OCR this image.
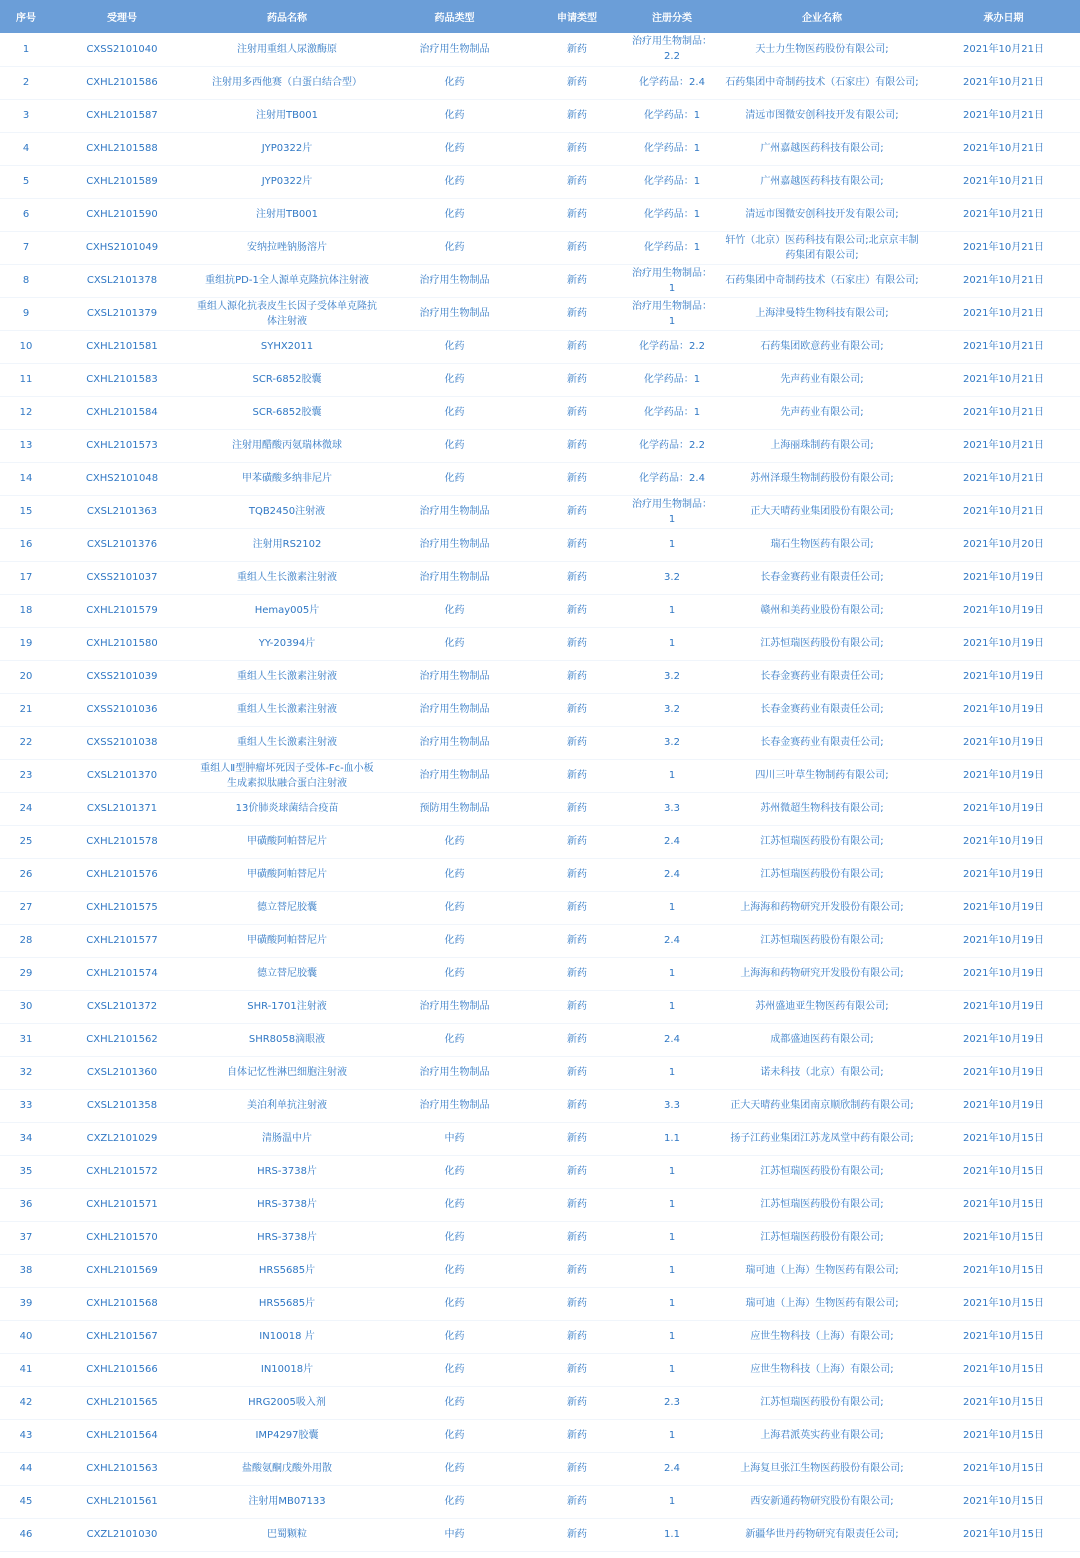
序号	受理号	药品名称	药品类型	申请类型	注册分类	企业名称	承办日期
1	CXSS2101040	注射用重组人尿激酶原	治疗用生物制品	新药	治疗用生物制品：2.2	天士力生物医药股份有限公司;	2021年10月21日
2	CXHL2101586	注射用多西他赛（白蛋白结合型）	化药	新药	化学药品：2.4	石药集团中奇制药技术（石家庄）有限公司;	2021年10月21日
3	CXHL2101587	注射用TB001	化药	新药	化学药品：1	清远市图微安创科技开发有限公司;	2021年10月21日
4	CXHL2101588	JYP0322片	化药	新药	化学药品：1	广州嘉越医药科技有限公司;	2021年10月21日
5	CXHL2101589	JYP0322片	化药	新药	化学药品：1	广州嘉越医药科技有限公司;	2021年10月21日
6	CXHL2101590	注射用TB001	化药	新药	化学药品：1	清远市图微安创科技开发有限公司;	2021年10月21日
7	CXHS2101049	安纳拉唑钠肠溶片	化药	新药	化学药品：1	轩竹（北京）医药科技有限公司;北京京丰制药集团有限公司;	2021年10月21日
8	CXSL2101378	重组抗PD-1全人源单克隆抗体注射液	治疗用生物制品	新药	治疗用生物制品：1	石药集团中奇制药技术（石家庄）有限公司;	2021年10月21日
9	CXSL2101379	重组人源化抗表皮生长因子受体单克隆抗体注射液	治疗用生物制品	新药	治疗用生物制品：1	上海津曼特生物科技有限公司;	2021年10月21日
10	CXHL2101581	SYHX2011	化药	新药	化学药品：2.2	石药集团欧意药业有限公司;	2021年10月21日
11	CXHL2101583	SCR-6852胶囊	化药	新药	化学药品：1	先声药业有限公司;	2021年10月21日
12	CXHL2101584	SCR-6852胶囊	化药	新药	化学药品：1	先声药业有限公司;	2021年10月21日
13	CXHL2101573	注射用醋酸丙氨瑞林微球	化药	新药	化学药品：2.2	上海丽珠制药有限公司;	2021年10月21日
14	CXHS2101048	甲苯磺酸多纳非尼片	化药	新药	化学药品：2.4	苏州泽璟生物制药股份有限公司;	2021年10月21日
15	CXSL2101363	TQB2450注射液	治疗用生物制品	新药	治疗用生物制品：1	正大天晴药业集团股份有限公司;	2021年10月21日
16	CXSL2101376	注射用RS2102	治疗用生物制品	新药	1	瑞石生物医药有限公司;	2021年10月20日
17	CXSS2101037	重组人生长激素注射液	治疗用生物制品	新药	3.2	长春金赛药业有限责任公司;	2021年10月19日
18	CXHL2101579	Hemay005片	化药	新药	1	赣州和美药业股份有限公司;	2021年10月19日
19	CXHL2101580	YY-20394片	化药	新药	1	江苏恒瑞医药股份有限公司;	2021年10月19日
20	CXSS2101039	重组人生长激素注射液	治疗用生物制品	新药	3.2	长春金赛药业有限责任公司;	2021年10月19日
21	CXSS2101036	重组人生长激素注射液	治疗用生物制品	新药	3.2	长春金赛药业有限责任公司;	2021年10月19日
22	CXSS2101038	重组人生长激素注射液	治疗用生物制品	新药	3.2	长春金赛药业有限责任公司;	2021年10月19日
23	CXSL2101370	重组人Ⅱ型肿瘤坏死因子受体-Fc-血小板生成素拟肽融合蛋白注射液	治疗用生物制品	新药	1	四川三叶草生物制药有限公司;	2021年10月19日
24	CXSL2101371	13价肺炎球菌结合疫苗	预防用生物制品	新药	3.3	苏州微超生物科技有限公司;	2021年10月19日
25	CXHL2101578	甲磺酸阿帕替尼片	化药	新药	2.4	江苏恒瑞医药股份有限公司;	2021年10月19日
26	CXHL2101576	甲磺酸阿帕替尼片	化药	新药	2.4	江苏恒瑞医药股份有限公司;	2021年10月19日
27	CXHL2101575	德立替尼胶囊	化药	新药	1	上海海和药物研究开发股份有限公司;	2021年10月19日
28	CXHL2101577	甲磺酸阿帕替尼片	化药	新药	2.4	江苏恒瑞医药股份有限公司;	2021年10月19日
29	CXHL2101574	德立替尼胶囊	化药	新药	1	上海海和药物研究开发股份有限公司;	2021年10月19日
30	CXSL2101372	SHR-1701注射液	治疗用生物制品	新药	1	苏州盛迪亚生物医药有限公司;	2021年10月19日
31	CXHL2101562	SHR8058滴眼液	化药	新药	2.4	成都盛迪医药有限公司;	2021年10月19日
32	CXSL2101360	自体记忆性淋巴细胞注射液	治疗用生物制品	新药	1	诺未科技（北京）有限公司;	2021年10月19日
33	CXSL2101358	美泊利单抗注射液	治疗用生物制品	新药	3.3	正大天晴药业集团南京顺欣制药有限公司;	2021年10月19日
34	CXZL2101029	清肠温中片	中药	新药	1.1	扬子江药业集团江苏龙凤堂中药有限公司;	2021年10月15日
35	CXHL2101572	HRS-3738片	化药	新药	1	江苏恒瑞医药股份有限公司;	2021年10月15日
36	CXHL2101571	HRS-3738片	化药	新药	1	江苏恒瑞医药股份有限公司;	2021年10月15日
37	CXHL2101570	HRS-3738片	化药	新药	1	江苏恒瑞医药股份有限公司;	2021年10月15日
38	CXHL2101569	HRS5685片	化药	新药	1	瑞可迪（上海）生物医药有限公司;	2021年10月15日
39	CXHL2101568	HRS5685片	化药	新药	1	瑞可迪（上海）生物医药有限公司;	2021年10月15日
40	CXHL2101567	IN10018 片	化药	新药	1	应世生物科技（上海）有限公司;	2021年10月15日
41	CXHL2101566	IN10018片	化药	新药	1	应世生物科技（上海）有限公司;	2021年10月15日
42	CXHL2101565	HRG2005吸入剂	化药	新药	2.3	江苏恒瑞医药股份有限公司;	2021年10月15日
43	CXHL2101564	IMP4297胶囊	化药	新药	1	上海君派英实药业有限公司;	2021年10月15日
44	CXHL2101563	盐酸氨酮戊酸外用散	化药	新药	2.4	上海复旦张江生物医药股份有限公司;	2021年10月15日
45	CXHL2101561	注射用MB07133	化药	新药	1	西安新通药物研究股份有限公司;	2021年10月15日
46	CXZL2101030	巴蜀颗粒	中药	新药	1.1	新疆华世丹药物研究有限责任公司;	2021年10月15日
